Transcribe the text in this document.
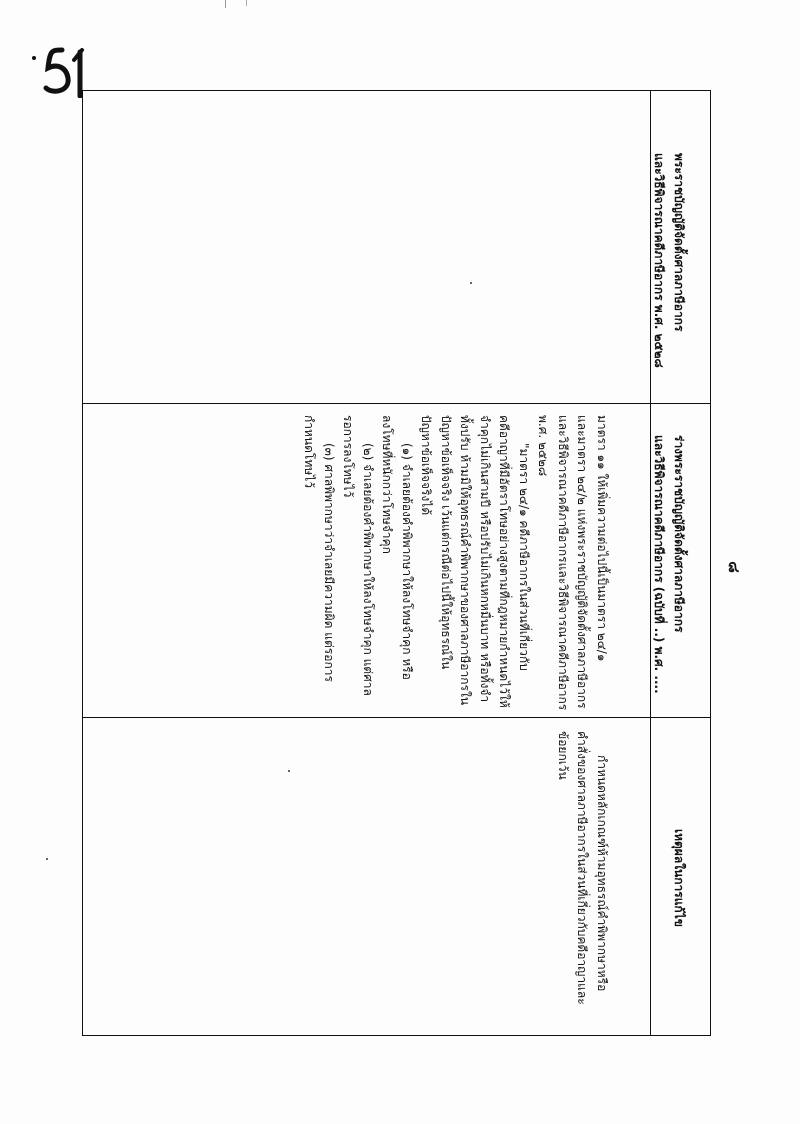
๘
พระราชบัญญัติจัดตั้งศาลภาษีอากร
และวิธีพิจารณาคดีภาษีอากร พ.ศ. ๒๕๒๘
ร่างพระราชบัญญัติจัดตั้งศาลภาษีอากร
และวิธีพิจารณาคดีภาษีอากร (ฉบับที่ ..) พ.ศ. ....
เหตุผลในการแก้ไข
มาตรา ๑๑ ให้เพิ่มความต่อไปนี้เป็นมาตรา ๒๔/๑
และมาตรา ๒๔/๒ แห่งพระราชบัญญัติจัดตั้งศาลภาษีอากร
และวิธีพิจารณาคดีภาษีอากรและวิธีพิจารณาคดีภาษีอากร
พ.ศ. ๒๕๒๘
"มาตรา ๒๔/๑ คดีภาษีอากรในส่วนที่เกี่ยวกับ
คดีอาญาที่มีอัตราโทษอย่างสูงตามที่กฎหมายกำหนดไว้ให้
จำคุกไม่เกินสามปี หรือปรับไม่เกินหกหมื่นบาท หรือทั้งจำ
ทั้งปรับ ห้ามมิให้อุทธรณ์คำพิพากษาของศาลภาษีอากรใน
ปัญหาข้อเท็จจริง เว้นแต่กรณีต่อไปนี้ให้อุทธรณ์ใน
ปัญหาข้อเท็จจริงได้
(๑) จำเลยต้องคำพิพากษาให้ลงโทษจำคุก หรือ
ลงโทษที่หนักกว่าโทษจำคุก
(๒) จำเลยต้องคำพิพากษาให้ลงโทษจำคุก แต่ศาล
รอการลงโทษไว้
(๓) ศาลพิพากษาว่าจำเลยมีความผิด แต่รอการ
กำหนดโทษไว้
กำหนดหลักเกณฑ์ห้ามอุทธรณ์คำพิพากษาหรือ
คำสั่งของศาลภาษีอากรในส่วนที่เกี่ยวกับคดีอาญาและ
ข้อยกเว้น
